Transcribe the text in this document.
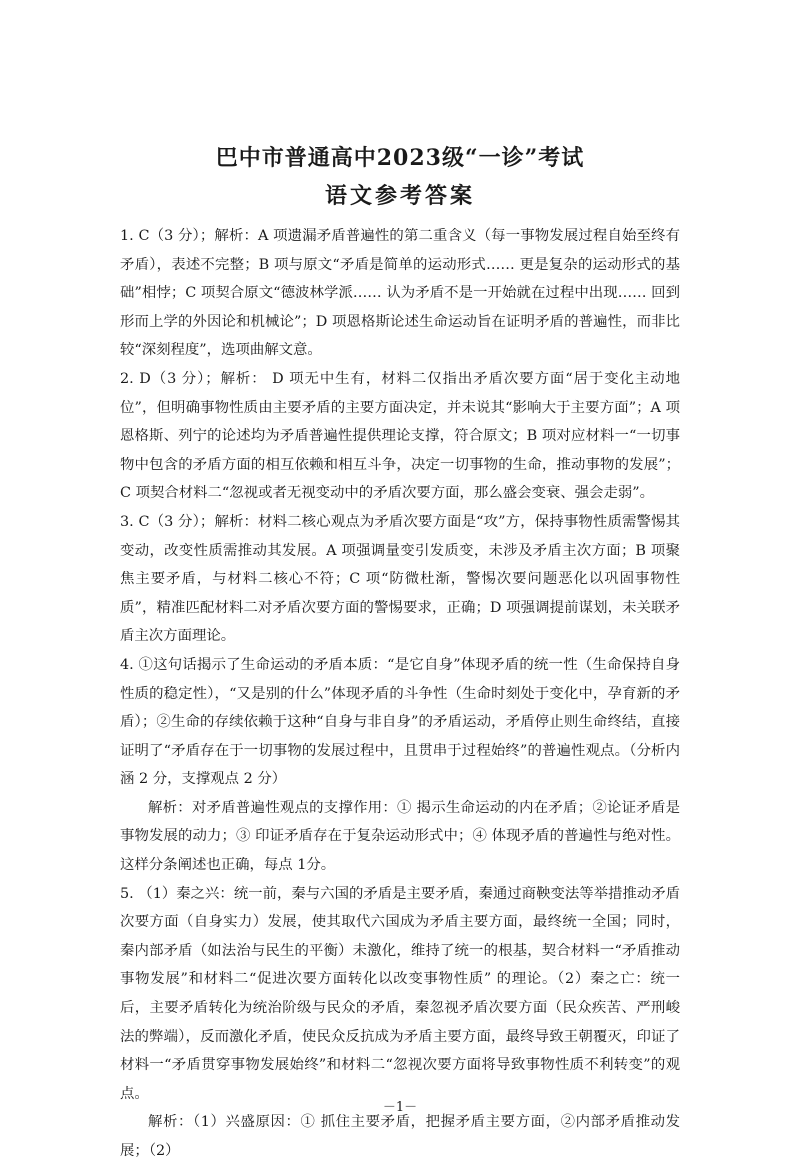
巴中市普通高中2023级“一诊”考试
语文参考答案

1. C（3 分）；解析：A 项遗漏矛盾普遍性的第二重含义（每一事物发展过程自始至终有矛盾），表述不完整；B 项与原文“矛盾是简单的运动形式…… 更是复杂的运动形式的基础”相悖；C 项契合原文“德波林学派…… 认为矛盾不是一开始就在过程中出现…… 回到形而上学的外因论和机械论”；D 项恩格斯论述生命运动旨在证明矛盾的普遍性，而非比较“深刻程度”，选项曲解文意。

2. D（3 分）；解析： D 项无中生有，材料二仅指出矛盾次要方面“居于变化主动地位”，但明确事物性质由主要矛盾的主要方面决定，并未说其“影响大于主要方面”；A 项恩格斯、列宁的论述均为矛盾普遍性提供理论支撑，符合原文；B 项对应材料一“一切事物中包含的矛盾方面的相互依赖和相互斗争，决定一切事物的生命，推动事物的发展”；C 项契合材料二“忽视或者无视变动中的矛盾次要方面，那么盛会变衰、强会走弱”。

3. C（3 分）；解析：材料二核心观点为矛盾次要方面是“攻”方，保持事物性质需警惕其变动，改变性质需推动其发展。A 项强调量变引发质变，未涉及矛盾主次方面；B 项聚焦主要矛盾，与材料二核心不符；C 项“防微杜渐，警惕次要问题恶化以巩固事物性质”，精准匹配材料二对矛盾次要方面的警惕要求，正确；D 项强调提前谋划，未关联矛盾主次方面理论。

4. ①这句话揭示了生命运动的矛盾本质：“是它自身”体现矛盾的统一性（生命保持自身性质的稳定性），“又是别的什么”体现矛盾的斗争性（生命时刻处于变化中，孕育新的矛盾）；②生命的存续依赖于这种“自身与非自身”的矛盾运动，矛盾停止则生命终结，直接证明了“矛盾存在于一切事物的发展过程中，且贯串于过程始终”的普遍性观点。（分析内涵 2 分，支撑观点 2 分）

解析：对矛盾普遍性观点的支撑作用：① 揭示生命运动的内在矛盾；②论证矛盾是事物发展的动力；③ 印证矛盾存在于复杂运动形式中；④ 体现矛盾的普遍性与绝对性。这样分条阐述也正确，每点 1分。

5. （1）秦之兴：统一前，秦与六国的矛盾是主要矛盾，秦通过商鞅变法等举措推动矛盾次要方面（自身实力）发展，使其取代六国成为矛盾主要方面，最终统一全国；同时，秦内部矛盾（如法治与民生的平衡）未激化，维持了统一的根基，契合材料一“矛盾推动事物发展”和材料二“促进次要方面转化以改变事物性质” 的理论。（2）秦之亡：统一后，主要矛盾转化为统治阶级与民众的矛盾，秦忽视矛盾次要方面（民众疾苦、严刑峻法的弊端），反而激化矛盾，使民众反抗成为矛盾主要方面，最终导致王朝覆灭，印证了材料一“矛盾贯穿事物发展始终”和材料二“忽视次要方面将导致事物性质不利转变”的观点。

解析：（1）兴盛原因：① 抓住主要矛盾，把握矛盾主要方面，②内部矛盾推动发展；（2）

－1－
